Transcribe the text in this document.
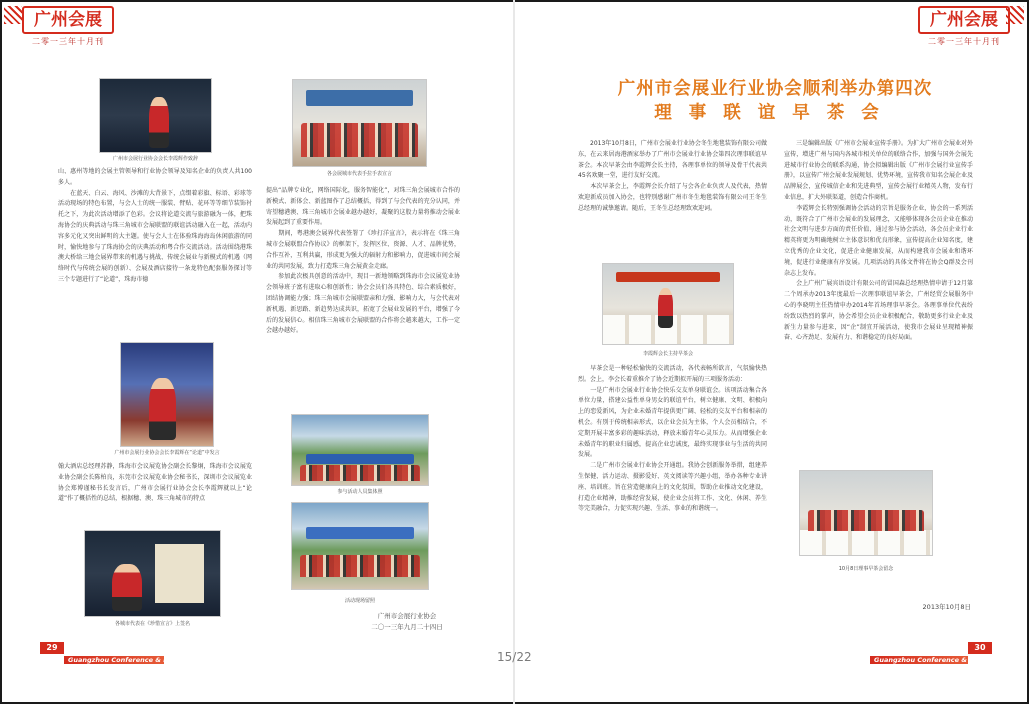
广州会展
二零一三年十月刊
广州会展
二零一三年十月刊
广州市会展行业协会会长李霞辉作致辞
各会展城市代表手拉手表宣言
山、惠州等地的会展主管领导和行业协会领导及知名企业的负责人共100多人。
　　在蓝天、白云、海风、沙滩的大背景下，点缀着彩旗、标语、彩球等活动现场的特色布置，与会人士的统一服装、臂贴、花环等等细节装饰衬托之下，为此次活动增添了色彩。会议将论道交流与旅游融为一体，把珠海协会的庆典活动与珠三角城市会展联盟的联谊活动融入在一起，活动内容多元化又突出鲜明的大主题。使与会人士在体验珠海海岛休闲旅游的同时，愉快地参与了珠海协会的庆典活动和粤合作交流活动。活动围绕港珠澳大桥给三地会展界带来的机遇与挑战、传统会展业与新模式的机遇（网络时代与传统会展的创新）、会展及酒店接待一条龙特色配套服务探讨等三个专题进行了“论道”，珠海市德
广州市会展行业协会会长李霞辉在“论道”中发言
翰大酒店总经理苏静，珠海市会议展览协会副会长黎炯，珠海市会议展览业协会副会长陈柏良，东莞市会议展览业协会秘书长，深圳市会议展览业协会郑博谨秘书长发言后，广州市会展行业协会会长李霞辉就以上“论道”作了概括性的总结，根据穗、澳、珠三角城市的特点
各城市代表在《珍惜宣言》上签名
提出“品牌专业化，网络国际化，服务智能化”，对珠三角会展城市合作的新模式、新体会、新蓝图作了总结概括，得到了与会代表的充分认同，并寄望穗港澳、珠三角城市会展业越办越好，凝聚的这股力量将推动会展业发展起到了重要作用。
　　期间，粤港澳会展界代表签署了《珍打洋宣言》，表示将在《珠三角城市会展联盟合作协议》的框架下，发挥区位、资源、人才、品牌优势，合作互补，互利共赢，形成更为强大的辐射力和影响力，促进城市间会展业的共同发展，致力打造珠三角会展黄金走廊。
　　参加此次极具创意的活动中，现目一新地领略到珠海市会议展览业协会领导班子富有进取心和创新性；协会会员们各具特色、综合素质极好，团结协调能力强；珠三角城市会展联盟亲和力强、影响力大，与会代表对新机遇、新思路、新趋势达成共识，拓宽了会展业发展的平台，增强了今后的发展信心。相信珠三角城市会展联盟的合作将会越来越大，工作一定会越办越好。
参与活动人员集体照
活动现场留照
广州市会展行业协会
二〇一三年九月二十四日
广州市会展业行业协会顺利举办第四次
理事联谊早茶会
　　2013年10月8日，广州市会展业行业协会冬生地毯装饰有限公司做东，在云来居海港酒家举办了广州市会展业行业协会第四次理事联谊早茶会。本次早茶会由李霞辉会长主持，各理事单位的领导及骨干代表共45名欢聚一堂，进行友好交流。
　　本次早茶会上，李霞辉会长介绍了与会各企业负责人及代表，热情欢迎新成员加入协会，也特别感谢广州市冬生地毯装饰有限公司王冬生总经理的诚挚邀请。随后，王冬生总经理致欢迎词。
李霞辉会长主持早茶会
　　早茶会是一种轻松愉快的交流活动，各代表畅所欲言，气氛愉快热烈。会上，李会长着重推介了协会近期拟开展的三项服务活动：
　　一是广州市会展业行业协会快乐交友单身联谊会。该项活动集合各单位力量，搭建公益性单身男女的联谊平台，树立健康、文明、积极向上的恋爱新风，为企业未婚青年提供更广阔、轻松的交友平台和相亲的机会。有别于传统相亲形式，以企业会员为主体，个人会员相结合，不定期开展丰富多彩的趣味活动，释放未婚青年心灵压力。从而增强企业未婚青年的职业归属感，提高企业忠诚度，最终实现事业与生活的共同发展。
　　二是广州市会展业行业协会开通组。我协会创新服务举措，组建养生保健、活力运动、摄影爱好、英文阅读等兴趣小组，举办各种专业讲座、培训班。旨在营造健康向上的文化氛围，帮助企业推动文化建设，打造企业精神，助推经营发展，使企业会员将工作、文化、休闲、养生等完美融合，力促实现兴趣、生活、事业的和谐统一。
　　三是编辑出版《广州市会展业宣传手册》。为扩大广州市会展业对外宣传，增进广州与国内各城市相关单位的联络合作，加强与国外会展先进城市行业协会的联系沟通，协会拟编辑出版《广州市会展行业宣传手册》，以宣传广州会展业发展规划、优势环境，宣传我市知名会展企业及品牌展会，宣传城信企业和先进典型，宣传会展行业精英人物，发布行业信息，扩大外联渠道，创造合作商机。
　　李霞辉会长特别强调协会活动的宗旨是服务企业，协会的一系列活动，既符合了广州市会展业的发展理念，又能够体现各会员企业在推动社会文明与进步方面的责任价值，通过参与协会活动，各会员企业行业精英将更为明确地树立主体意识和优良形象，宣传提高企业知名度，建立优秀的企业文化，促进企业健康发展，从而构建我市会展业和谐环境，促进行业健康有序发展。几项活动的具体文件将在协会Q群及会刊杂志上发布。
　　会上广州广展宾语设计有限公司的冒国森总经理热情申请于12月第二个周承办2013年度最后一次理事联谊早茶会，广州经贸会展服务中心的李晓明主任热情申办2014年首场理事早茶会。各理事单位代表纷纷致以热烈的掌声，协会希望会员企业积极配合，敬助更多行业企业及新生力量参与进来，因“企”制宜开展活动，使我市会展业呈现精神振奋、心齐劲足、发展有力、和谐稳定的良好局面。
10月8日理事早茶会留念
2013年10月8日
29
Guangzhou Conference & Exhibition	15/22	Guangzhou Conference & Exhibition
30
